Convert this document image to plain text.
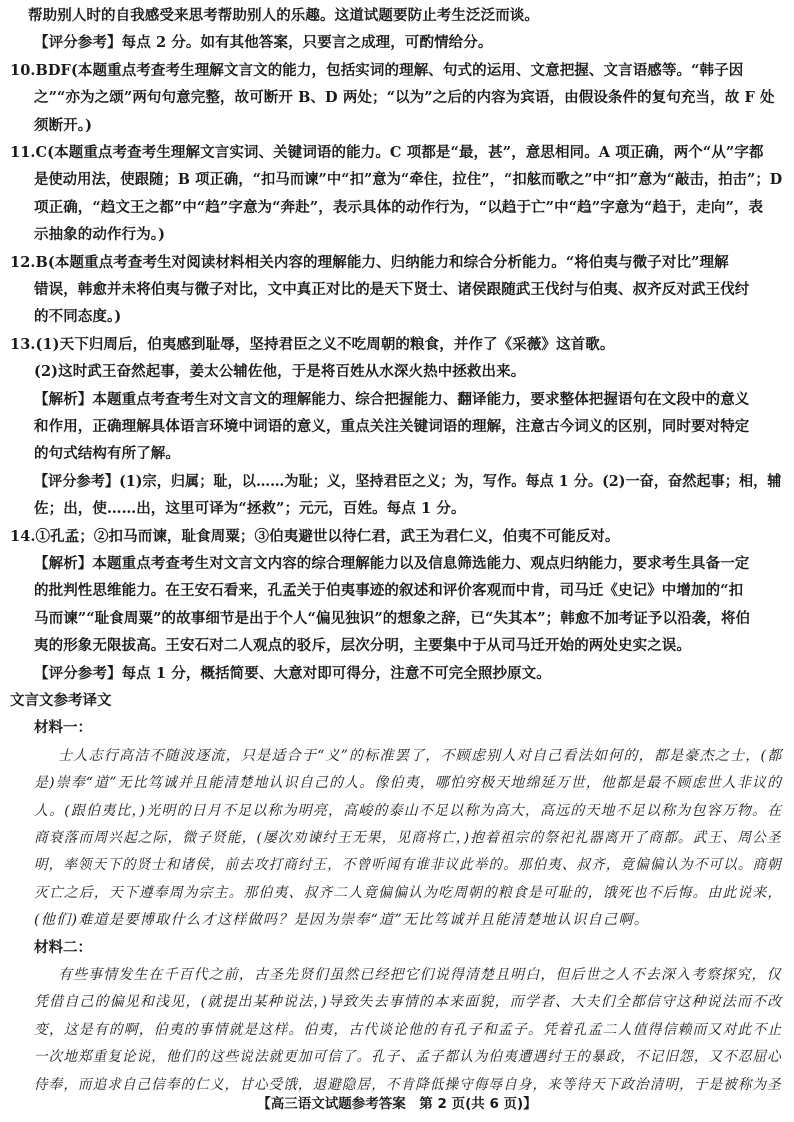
帮助别人时的自我感受来思考帮助别人的乐趣。这道试题要防止考生泛泛而谈。
【评分参考】每点 2 分。如有其他答案，只要言之成理，可酌情给分。
10.BDF(本题重点考查考生理解文言文的能力，包括实词的理解、句式的运用、文意把握、文言语感等。“韩子因
之”“亦为之颂”两句句意完整，故可断开 B、D 两处；“以为”之后的内容为宾语，由假设条件的复句充当，故 F 处
须断开。)
11.C(本题重点考查考生理解文言实词、关键词语的能力。C 项都是“最，甚”，意思相同。A 项正确，两个“从”字都
是使动用法，使跟随；B 项正确，“扣马而谏”中“扣”意为“牵住，拉住”，“扣舷而歌之”中“扣”意为“敲击，拍击”；D
项正确，“趋文王之都”中“趋”字意为“奔赴”，表示具体的动作行为，“以趋于亡”中“趋”字意为“趋于，走向”，表
示抽象的动作行为。)
12.B(本题重点考查考生对阅读材料相关内容的理解能力、归纳能力和综合分析能力。“将伯夷与微子对比”理解
错误，韩愈并未将伯夷与微子对比，文中真正对比的是天下贤士、诸侯跟随武王伐纣与伯夷、叔齐反对武王伐纣
的不同态度。)
13.(1)天下归周后，伯夷感到耻辱，坚持君臣之义不吃周朝的粮食，并作了《采薇》这首歌。
(2)这时武王奋然起事，姜太公辅佐他，于是将百姓从水深火热中拯救出来。
【解析】本题重点考查考生对文言文的理解能力、综合把握能力、翻译能力，要求整体把握语句在文段中的意义
和作用，正确理解具体语言环境中词语的意义，重点关注关键词语的理解，注意古今词义的区别，同时要对特定
的句式结构有所了解。
【评分参考】(1)宗，归属；耻，以……为耻；义，坚持君臣之义；为，写作。每点 1 分。(2)一奋，奋然起事；相，辅
佐；出，使……出，这里可译为“拯救”；元元，百姓。每点 1 分。
14.①孔孟；②扣马而谏，耻食周粟；③伯夷避世以待仁君，武王为君仁义，伯夷不可能反对。
【解析】本题重点考查考生对文言文内容的综合理解能力以及信息筛选能力、观点归纳能力，要求考生具备一定
的批判性思维能力。在王安石看来，孔孟关于伯夷事迹的叙述和评价客观而中肯，司马迁《史记》中增加的“扣
马而谏”“耻食周粟”的故事细节是出于个人“偏见独识”的想象之辞，已“失其本”；韩愈不加考证予以沿袭，将伯
夷的形象无限拔高。王安石对二人观点的驳斥，层次分明，主要集中于从司马迁开始的两处史实之误。
【评分参考】每点 1 分，概括简要、大意对即可得分，注意不可完全照抄原文。
文言文参考译文
材料一：
士人志行高洁不随波逐流，只是适合于“义”的标准罢了，不顾虑别人对自己看法如何的，都是豪杰之士，(都
是)崇奉“道”无比笃诚并且能清楚地认识自己的人。像伯夷，哪怕穷极天地绵延万世，他都是最不顾虑世人非议的
人。(跟伯夷比，)光明的日月不足以称为明亮，高峻的泰山不足以称为高大，高远的天地不足以称为包容万物。在
商衰落而周兴起之际，微子贤能，(屡次劝谏纣王无果，见商将亡，)抱着祖宗的祭祀礼器离开了商都。武王、周公圣
明，率领天下的贤士和诸侯，前去攻打商纣王，不曾听闻有谁非议此举的。那伯夷、叔齐，竟偏偏认为不可以。商朝
灭亡之后，天下遵奉周为宗主。那伯夷、叔齐二人竟偏偏认为吃周朝的粮食是可耻的，饿死也不后悔。由此说来，
(他们)难道是要博取什么才这样做吗？是因为崇奉“道”无比笃诚并且能清楚地认识自己啊。
材料二：
有些事情发生在千百代之前，古圣先贤们虽然已经把它们说得清楚且明白，但后世之人不去深入考察探究，仅
凭借自己的偏见和浅见，(就提出某种说法，)导致失去事情的本来面貌，而学者、大夫们全都信守这种说法而不改
变，这是有的啊，伯夷的事情就是这样。伯夷，古代谈论他的有孔子和孟子。凭着孔孟二人值得信赖而又对此不止
一次地郑重复论说，他们的这些说法就更加可信了。孔子、孟子都认为伯夷遭遇纣王的暴政，不记旧怨，又不忍屈心
侍奉，而追求自己信奉的仁义，甘心受饿，退避隐居，不肯降低操守侮辱自身，来等待天下政治清明，于是被称为圣
【高三语文试题参考答案　第 2 页(共 6 页)】
